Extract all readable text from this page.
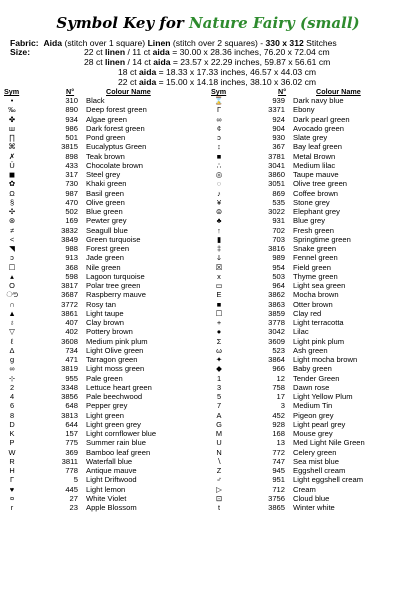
Symbol Key for Nature Fairy (small)
Fabric: Aida (stitch over 1 square) Linen (stitch over 2 squares) - 330 x 312 Stitches
Size:	22 ct linen / 11 ct aida = 30.00 x 28.36 inches, 76.20 x 72.04 cm
28 ct linen / 14 ct aida = 23.57 x 22.29 inches, 59.87 x 56.61 cm
18 ct aida = 18.33 x 17.33 inches, 46.57 x 44.03 cm
22 ct aida = 15.00 x 14.18 inches, 38.10 x 36.02 cm
Sym	N°	Colour Name	Sym	N°	Colour Name
•	310 Black
‰	890 Deep forest green
✤	934 Algae green
ш	986 Dark forest green
∏	501 Pond green
⌘	3815 Eucalyptus Green
✗	898 Teak brown
Ü	433 Chocolate brown
◼	317 Steel grey
✿	730 Khaki green
Ω	987 Basil green
§	470 Olive green
✣	502 Blue green
⊛	169 Pewter grey
≠	3832 Seagull blue
<	3849 Green turquoise
◥	988 Forest green
ↄ	913 Jade green
☐	368 Nile green
▴	598 Lagoon turquoise
O	3817 Polar tree green
ൗ	3687 Raspberry mauve
∩	3772 Rosy tan
▲	3861 Light taupe
♁	407 Clay brown
▽	402 Pottery brown
ℓ	3608 Medium pink plum
Δ	734 Light Olive green
g	471 Tarragon green
∞	3819 Light moss green
⊹	955 Pale green
2	3348 Lettuce heart green
4	3856 Pale beechwood
6	648 Pepper grey
8	3813 Light green
D	644 Light green grey
K	157 Light cornflower blue
P	775 Summer rain blue
W	369 Bamboo leaf green
R	3811 Waterfall blue
H	778 Antique mauve
Γ	5 Light Driftwood
♥	445 Light lemon
¤	27 White Violet
r	23 Apple Blossom
⌛	939 Dark navy blue
Γ	3371 Ebony
∞	924 Dark pearl green
¢	904 Avocado green
ↄ	930 Slate grey
↕	367 Bay leaf green
■	3781 Metal Brown
∴	3041 Medium lilac
◎	3860 Taupe mauve
◌	3051 Olive tree green
♪	869 Coffee brown
¥	535 Stone grey
⊜	3022 Elephant grey
♣	931 Blue grey
↑	702 Fresh green
▮	703 Springtime green
‡	3816 Snake green
ↆ	989 Fennel green
☒	954 Field green
x	503 Thyme green
▭	964 Light sea green
Ε	3862 Mocha brown
■	3863 Otter brown
☐	3859 Clay red
+	3778 Light terracotta
●	3042 Lilac
Σ	3609 Light pink plum
ω	523 Ash green
✦	3864 Light mocha brown
◆	966 Baby green
1	12 Tender Green
3	758 Dawn rose
5	17 Light Yellow Plum
7	3 Medium Tin
A	452 Pigeon grey
G	928 Light pearl grey
M	168 Mouse grey
U	13 Med Light Nile Green
N	772 Celery green
∖	747 Sea mist blue
Z	945 Eggshell cream
♂	951 Light eggshell cream
▷	712 Cream
⊡	3756 Cloud blue
t	3865 Winter white
